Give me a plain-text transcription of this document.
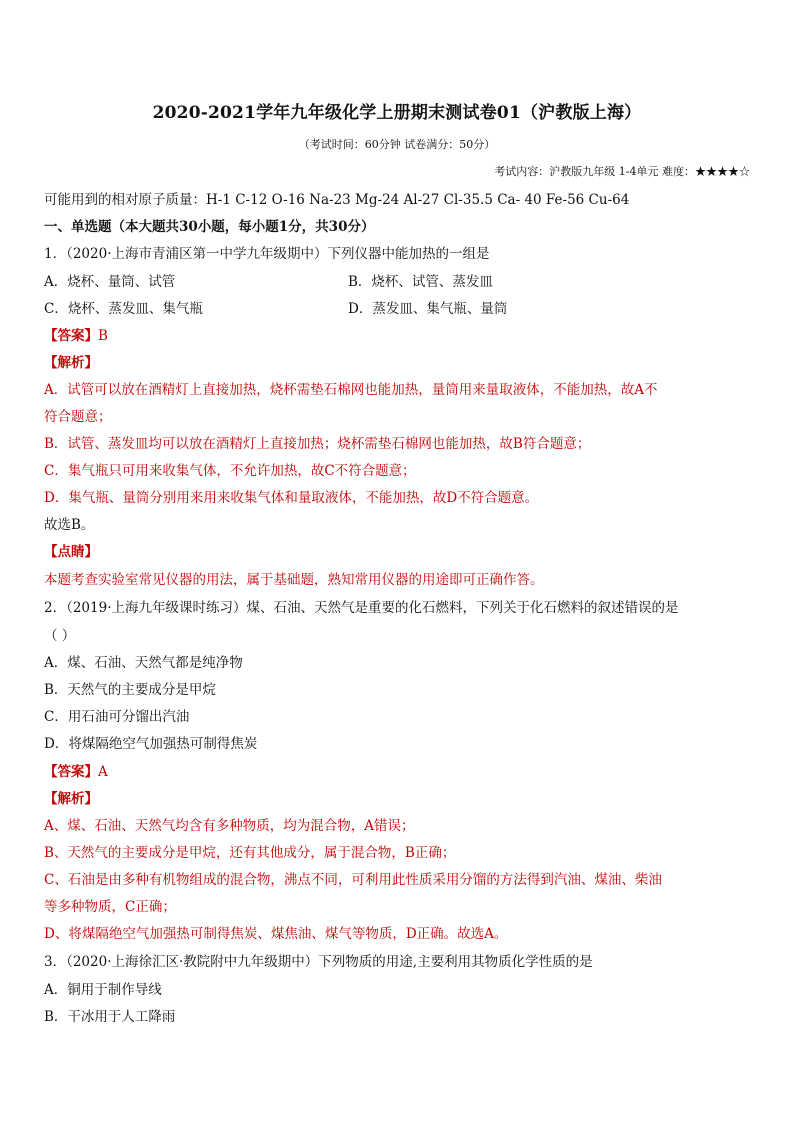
2020-2021学年九年级化学上册期末测试卷01（沪教版上海）
（考试时间：60分钟 试卷满分：50分）
考试内容：沪教版九年级 1-4单元 难度：★★★★☆
可能用到的相对原子质量：H-1 C-12 O-16 Na-23 Mg-24 Al-27 Cl-35.5 Ca- 40 Fe-56 Cu-64
一、单选题（本大题共30小题，每小题1分，共30分）
1．（2020·上海市青浦区第一中学九年级期中）下列仪器中能加热的一组是
A．烧杯、量筒、试管	B．烧杯、试管、蒸发皿
C．烧杯、蒸发皿、集气瓶	D．蒸发皿、集气瓶、量筒
【答案】B
【解析】
A．试管可以放在酒精灯上直接加热，烧杯需垫石棉网也能加热，量筒用来量取液体，不能加热，故A不
符合题意；
B．试管、蒸发皿均可以放在酒精灯上直接加热；烧杯需垫石棉网也能加热，故B符合题意；
C．集气瓶只可用来收集气体，不允许加热，故C不符合题意；
D．集气瓶、量筒分别用来用来收集气体和量取液体，不能加热，故D不符合题意。
故选B。
【点睛】
本题考查实验室常见仪器的用法，属于基础题，熟知常用仪器的用途即可正确作答。
2．（2019·上海九年级课时练习）煤、石油、天然气是重要的化石燃料，下列关于化石燃料的叙述错误的是
（ ）
A．煤、石油、天然气都是纯净物
B．天然气的主要成分是甲烷
C．用石油可分馏出汽油
D．将煤隔绝空气加强热可制得焦炭
【答案】A
【解析】
A、煤、石油、天然气均含有多种物质，均为混合物，A错误；
B、天然气的主要成分是甲烷，还有其他成分，属于混合物，B正确；
C、石油是由多种有机物组成的混合物，沸点不同，可利用此性质采用分馏的方法得到汽油、煤油、柴油
等多种物质，C正确；
D、将煤隔绝空气加强热可制得焦炭、煤焦油、煤气等物质，D正确。故选A。
3．（2020·上海徐汇区·教院附中九年级期中）下列物质的用途,主要利用其物质化学性质的是
A．铜用于制作导线
B．干冰用于人工降雨
